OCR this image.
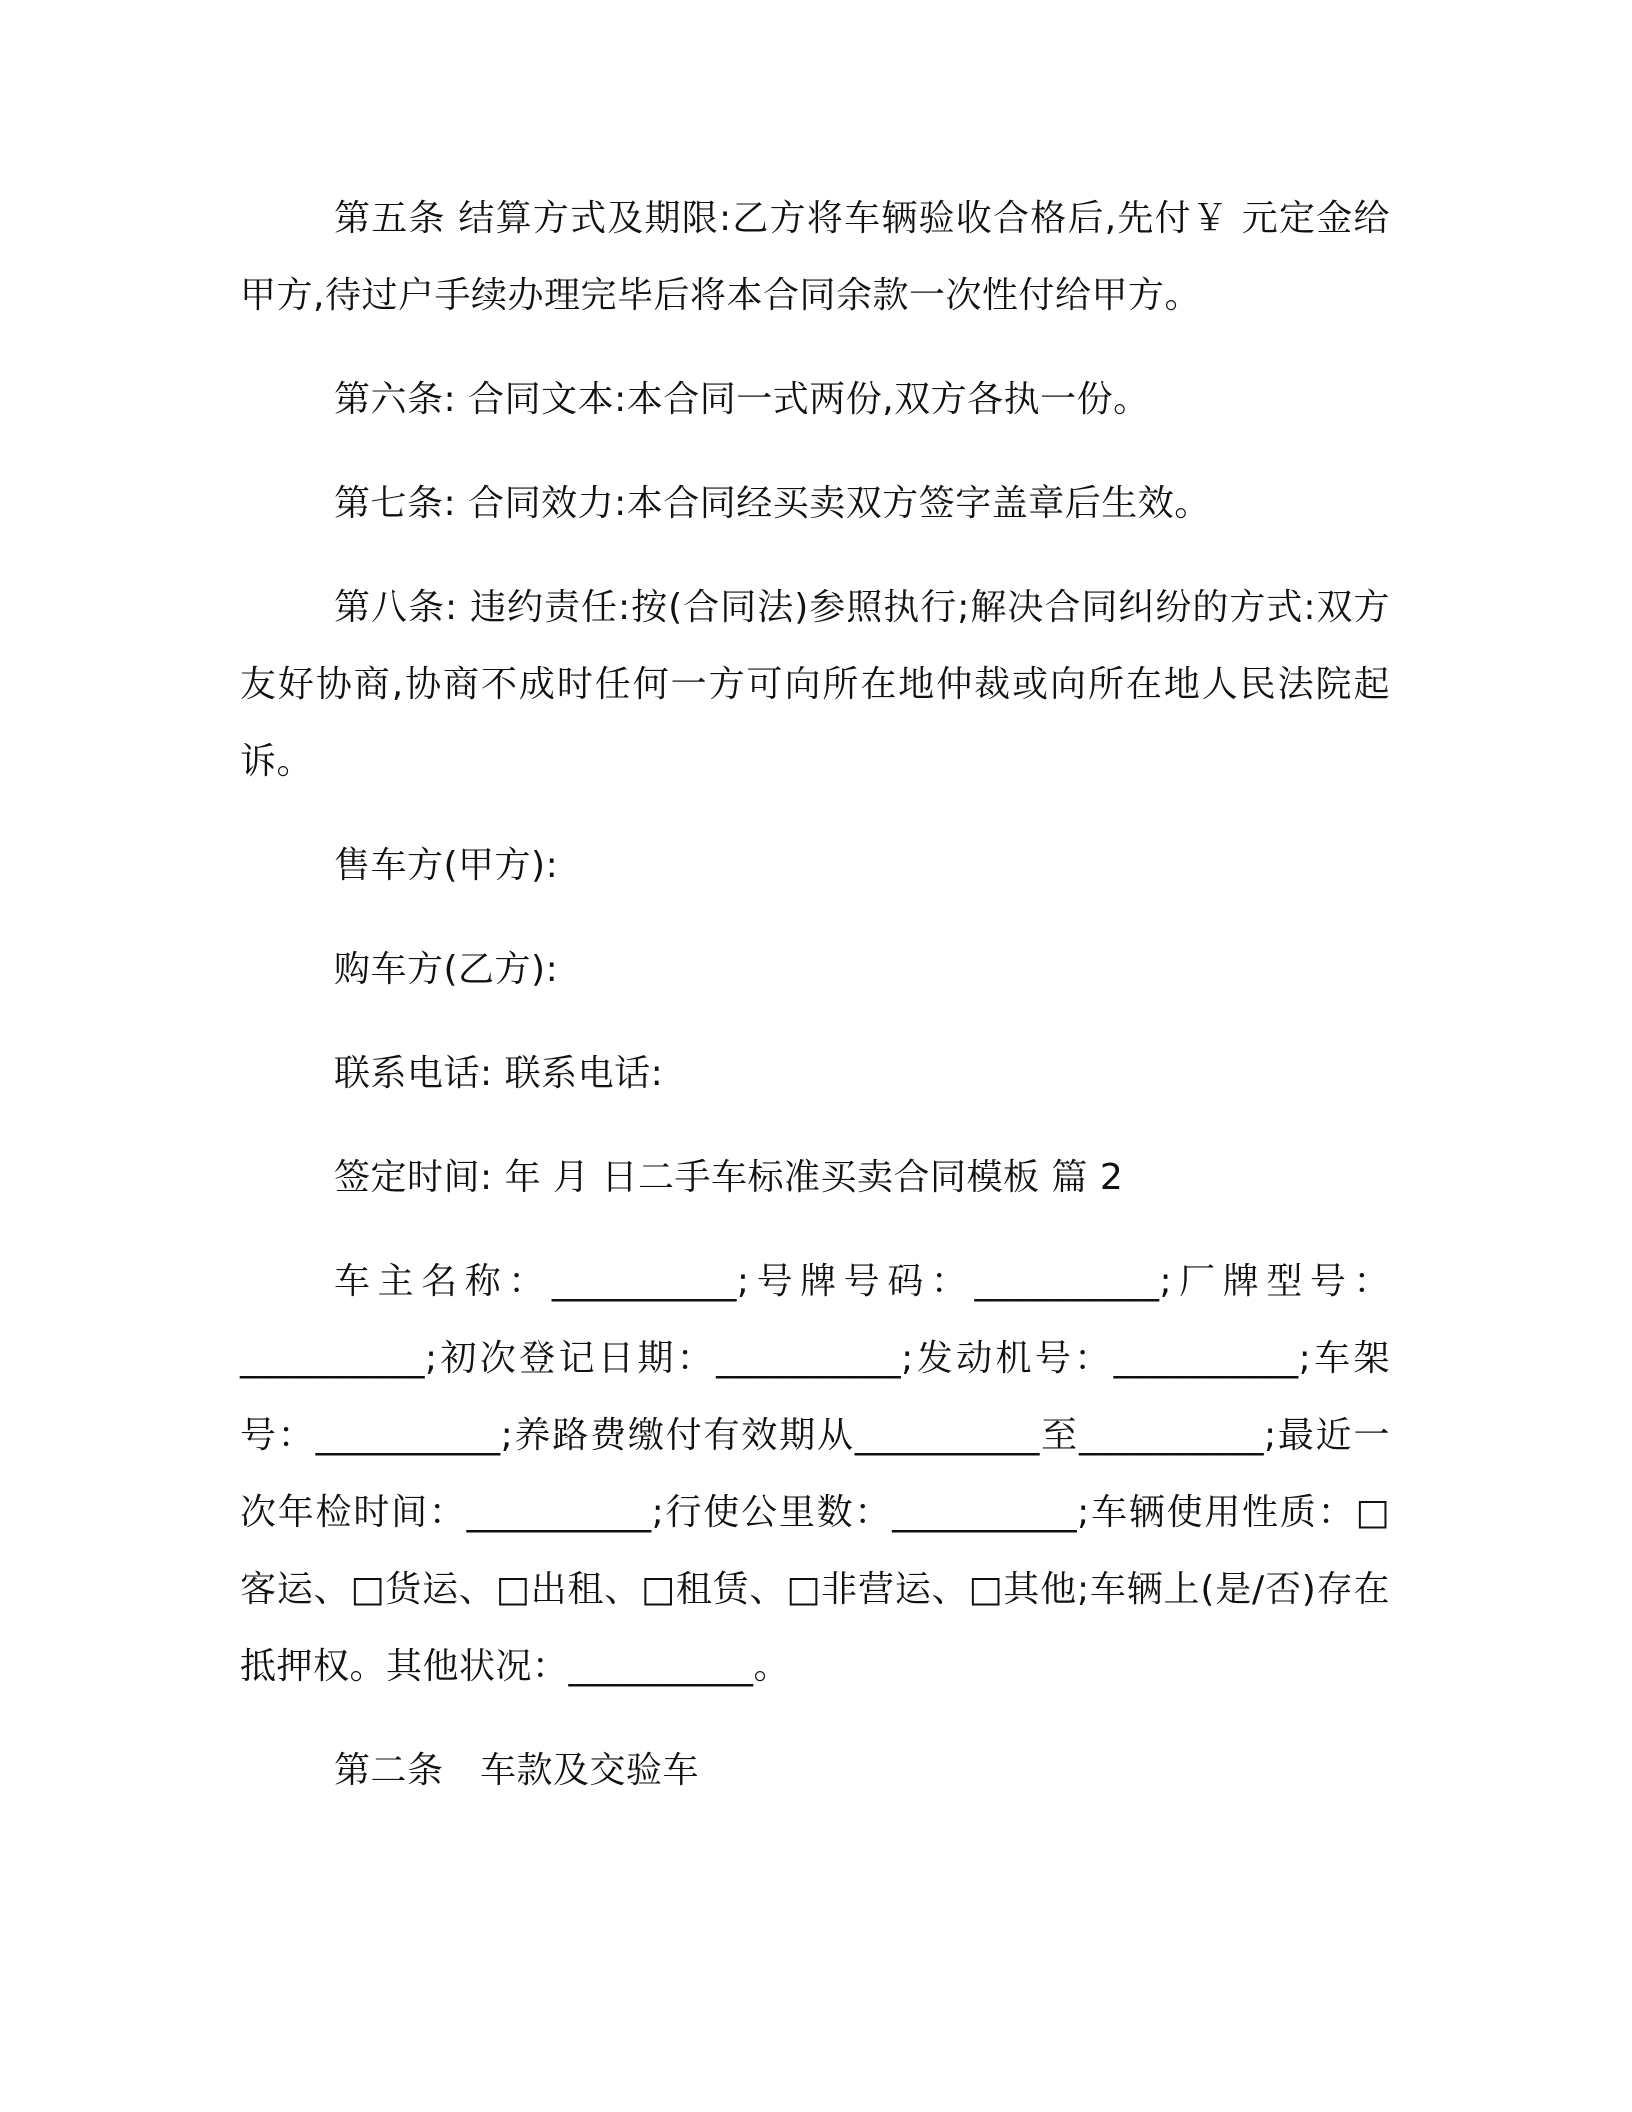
第五条 结算方式及期限:乙方将车辆验收合格后,先付￥ 元定金给甲方,待过户手续办理完毕后将本合同余款一次性付给甲方。

第六条: 合同文本:本合同一式两份,双方各执一份。

第七条: 合同效力:本合同经买卖双方签字盖章后生效。

第八条: 违约责任:按(合同法)参照执行;解决合同纠纷的方式:双方友好协商,协商不成时任何一方可向所在地仲裁或向所在地人民法院起诉。

售车方(甲方):

购车方(乙方):

联系电话: 联系电话:

签定时间: 年 月 日二手车标准买卖合同模板 篇 2

车主名称：__________;号牌号码：__________;厂牌型号：__________;初次登记日期：__________;发动机号：__________;车架号：__________;养路费缴付有效期从__________至__________;最近一次年检时间：__________;行使公里数：__________;车辆使用性质：□客运、□货运、□出租、□租赁、□非营运、□其他;车辆上(是/否)存在抵押权。其他状况：__________。

第二条　车款及交验车
